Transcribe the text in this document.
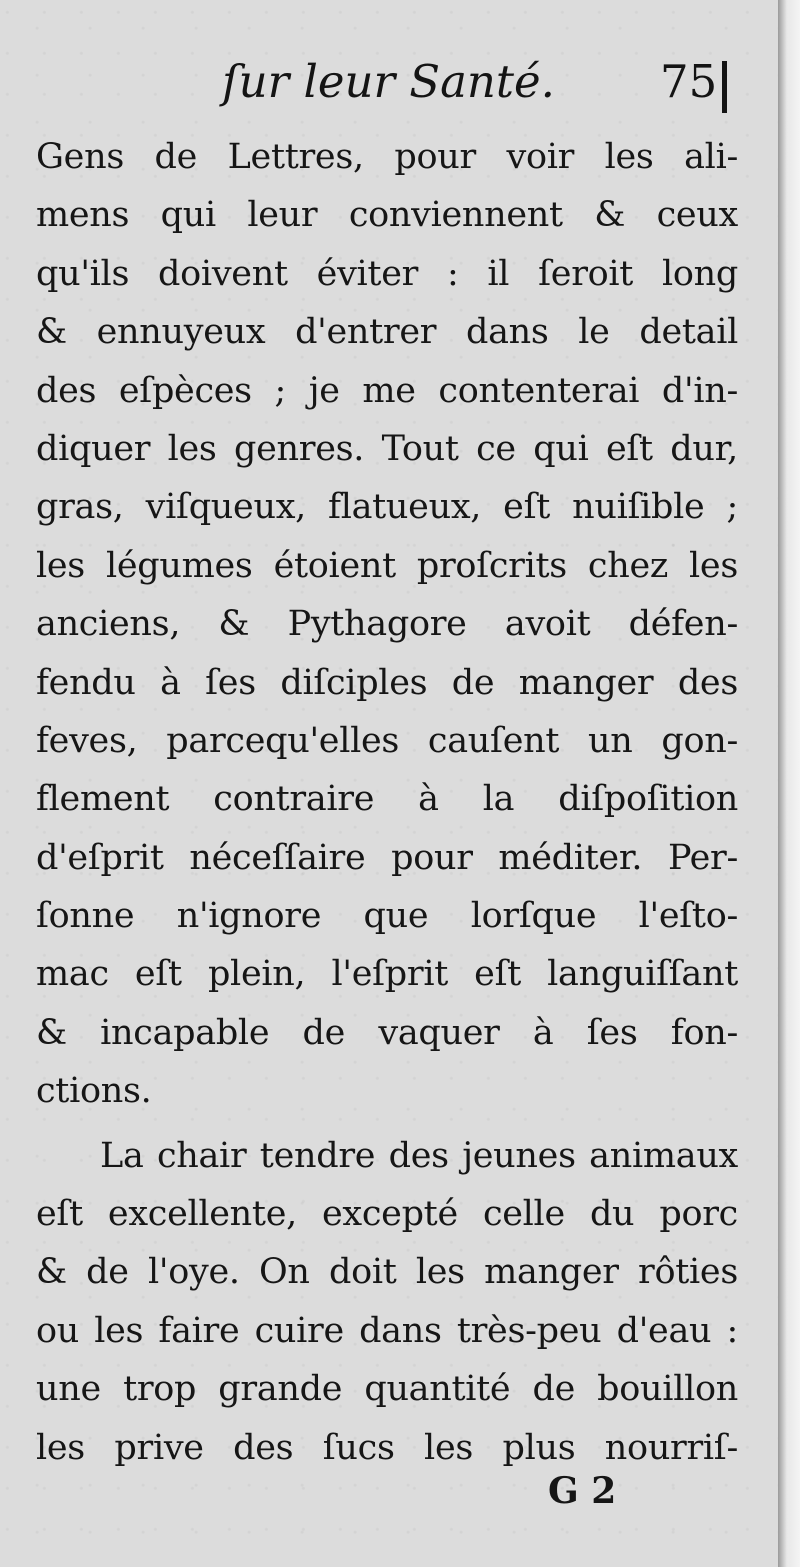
ſur leur Santé. 75
Gens de Lettres, pour voir les ali-
mens qui leur conviennent & ceux
qu'ils doivent éviter : il ſeroit long
& ennuyeux d'entrer dans le detail
des eſpèces ; je me contenterai d'in-
diquer les genres. Tout ce qui eſt dur,
gras, viſqueux, flatueux, eſt nuiſible ;
les légumes étoient proſcrits chez les
anciens, & Pythagore avoit défen-
fendu à ſes diſciples de manger des
feves, parcequ'elles cauſent un gon-
flement contraire à la diſpoſition
d'eſprit néceſſaire pour méditer. Per-
ſonne n'ignore que lorſque l'eſto-
mac eſt plein, l'eſprit eſt languiſſant
& incapable de vaquer à ſes fon-
ctions.
La chair tendre des jeunes animaux
eſt excellente, excepté celle du porc
& de l'oye. On doit les manger rôties
ou les faire cuire dans très-peu d'eau :
une trop grande quantité de bouillon
les prive des ſucs les plus nourriſ-
G 2
